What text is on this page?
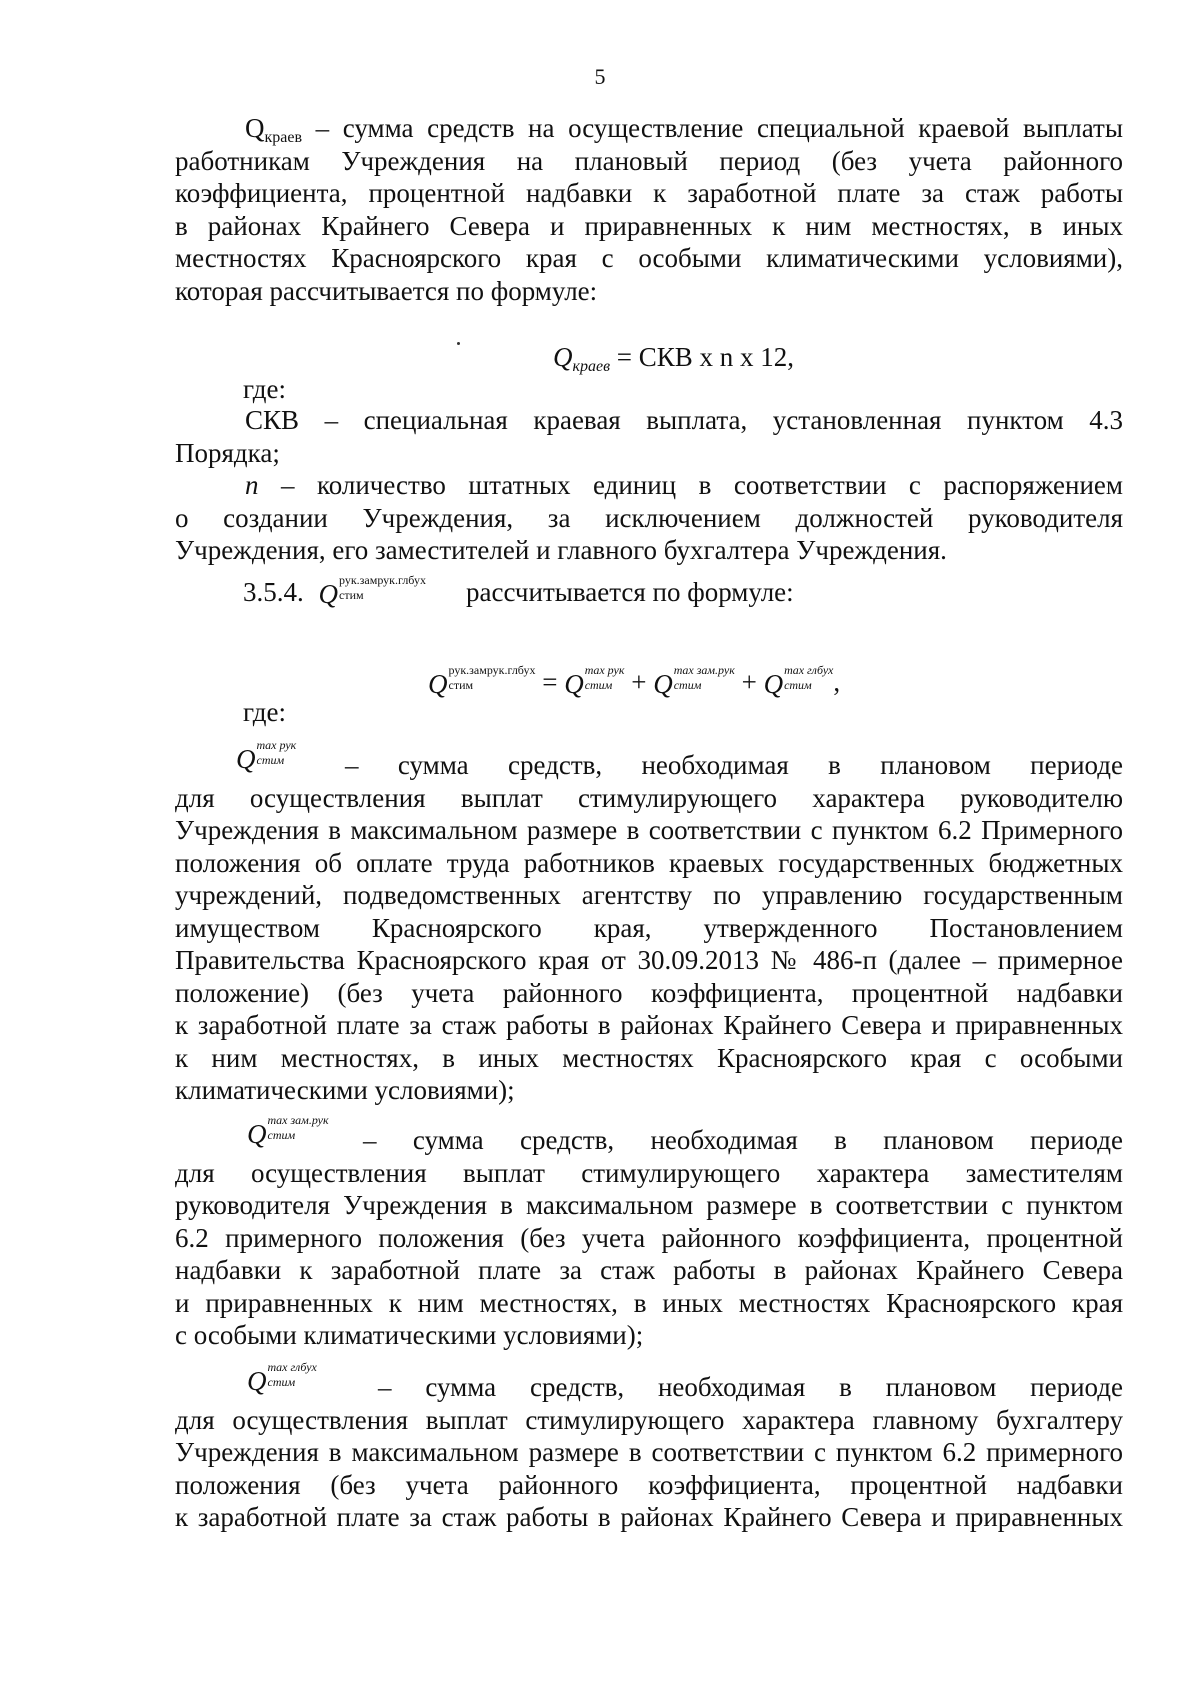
5
$Q_{краев}$ – сумма средств на осуществление специальной краевой выплаты
работникам Учреждения на плановый период (без учета районного
коэффициента, процентной надбавки к заработной плате за стаж работы
в районах Крайнего Севера и приравненных к ним местностях, в иных
местностях Красноярского края с особыми климатическими условиями),
которая рассчитывается по формуле:
$Q_{краев}$ = СКВ х n х 12,
где:
СКВ – специальная краевая выплата, установленная пунктом 4.3
Порядка;
n – количество штатных единиц в соответствии с распоряжением
о создании Учреждения, за исключением должностей руководителя
Учреждения, его заместителей и главного бухгалтера Учреждения.
3.5.4. Q рук.замрук.глбух
стим	рассчитывается по формуле:
Q рук.замрук.глбух
стим	= Q max рук
стим + Q max зам.рук
стим	+ Q max глбух
стим ,
где:
Q max рук
стим	– сумма средств, необходимая в плановом периоде
для осуществления выплат стимулирующего характера руководителю
Учреждения в максимальном размере в соответствии с пунктом 6.2 Примерного
положения об оплате труда работников краевых государственных бюджетных
учреждений, подведомственных агентству по управлению государственным
имуществом Красноярского края, утвержденного Постановлением
Правительства Красноярского края от 30.09.2013 № 486-п (далее – примерное
положение) (без учета районного коэффициента, процентной надбавки
к заработной плате за стаж работы в районах Крайнего Севера и приравненных
к ним местностях, в иных местностях Красноярского края с особыми
климатическими условиями);
Q max зам.рук
стим	– сумма средств, необходимая в плановом периоде
для осуществления выплат стимулирующего характера заместителям
руководителя Учреждения в максимальном размере в соответствии с пунктом
6.2 примерного положения (без учета районного коэффициента, процентной
надбавки к заработной плате за стаж работы в районах Крайнего Севера
и приравненных к ним местностях, в иных местностях Красноярского края
с особыми климатическими условиями);
Q max глбух
стим	– сумма средств, необходимая в плановом периоде
для осуществления выплат стимулирующего характера главному бухгалтеру
Учреждения в максимальном размере в соответствии с пунктом 6.2 примерного
положения (без учета районного коэффициента, процентной надбавки
к заработной плате за стаж работы в районах Крайнего Севера и приравненных
